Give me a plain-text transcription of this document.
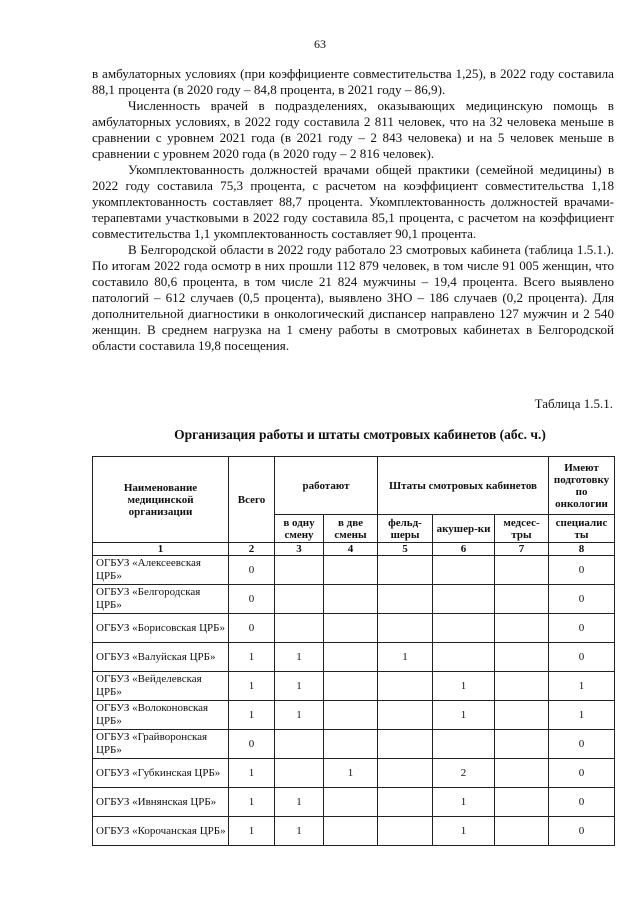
63

в амбулаторных условиях (при коэффициенте совместительства 1,25), в 2022 году составила 88,1 процента (в 2020 году – 84,8 процента, в 2021 году – 86,9).

Численность врачей в подразделениях, оказывающих медицинскую помощь в амбулаторных условиях, в 2022 году составила 2 811 человек, что на 32 человека меньше в сравнении с уровнем 2021 года (в 2021 году – 2 843 человека) и на 5 человек меньше в сравнении с уровнем 2020 года (в 2020 году – 2 816 человек).

Укомплектованность должностей врачами общей практики (семейной медицины) в 2022 году составила 75,3 процента, с расчетом на коэффициент совместительства 1,18 укомплектованность составляет 88,7 процента. Укомплектованность должностей врачами-терапевтами участковыми в 2022 году составила 85,1 процента, с расчетом на коэффициент совместительства 1,1 укомплектованность составляет 90,1 процента.

В Белгородской области в 2022 году работало 23 смотровых кабинета (таблица 1.5.1.). По итогам 2022 года осмотр в них прошли 112 879 человек, в том числе 91 005 женщин, что составило 80,6 процента, в том числе 21 824 мужчины – 19,4 процента. Всего выявлено патологий – 612 случаев (0,5 процента), выявлено ЗНО – 186 случаев (0,2 процента). Для дополнительной диагностики в онкологический диспансер направлено 127 мужчин и 2 540 женщин. В среднем нагрузка на 1 смену работы в смотровых кабинетах в Белгородской области составила 19,8 посещения.

Таблица 1.5.1.
Организация работы и штаты смотровых кабинетов (абс. ч.)
Наименование медицинской организации	Всего	работают		Штаты смотровых кабинетов			Имеют подготовку по онкологии
		в одну смену	в две смены	фельд-шеры	акушер-ки	медсес-тры	специалис ты
1	2	3	4	5	6	7	8
ОГБУЗ «Алексеевская ЦРБ»	0						0
ОГБУЗ «Белгородская ЦРБ»	0						0
ОГБУЗ «Борисовская ЦРБ»	0						0
ОГБУЗ «Валуйская ЦРБ»	1	1		1			0
ОГБУЗ «Вейделевская ЦРБ»	1	1			1		1
ОГБУЗ «Волоконовская ЦРБ»	1	1			1		1
ОГБУЗ «Грайворонская ЦРБ»	0						0
ОГБУЗ «Губкинская ЦРБ»	1		1		2		0
ОГБУЗ «Ивнянская ЦРБ»	1	1			1		0
ОГБУЗ «Корочанская ЦРБ»	1	1			1		0
